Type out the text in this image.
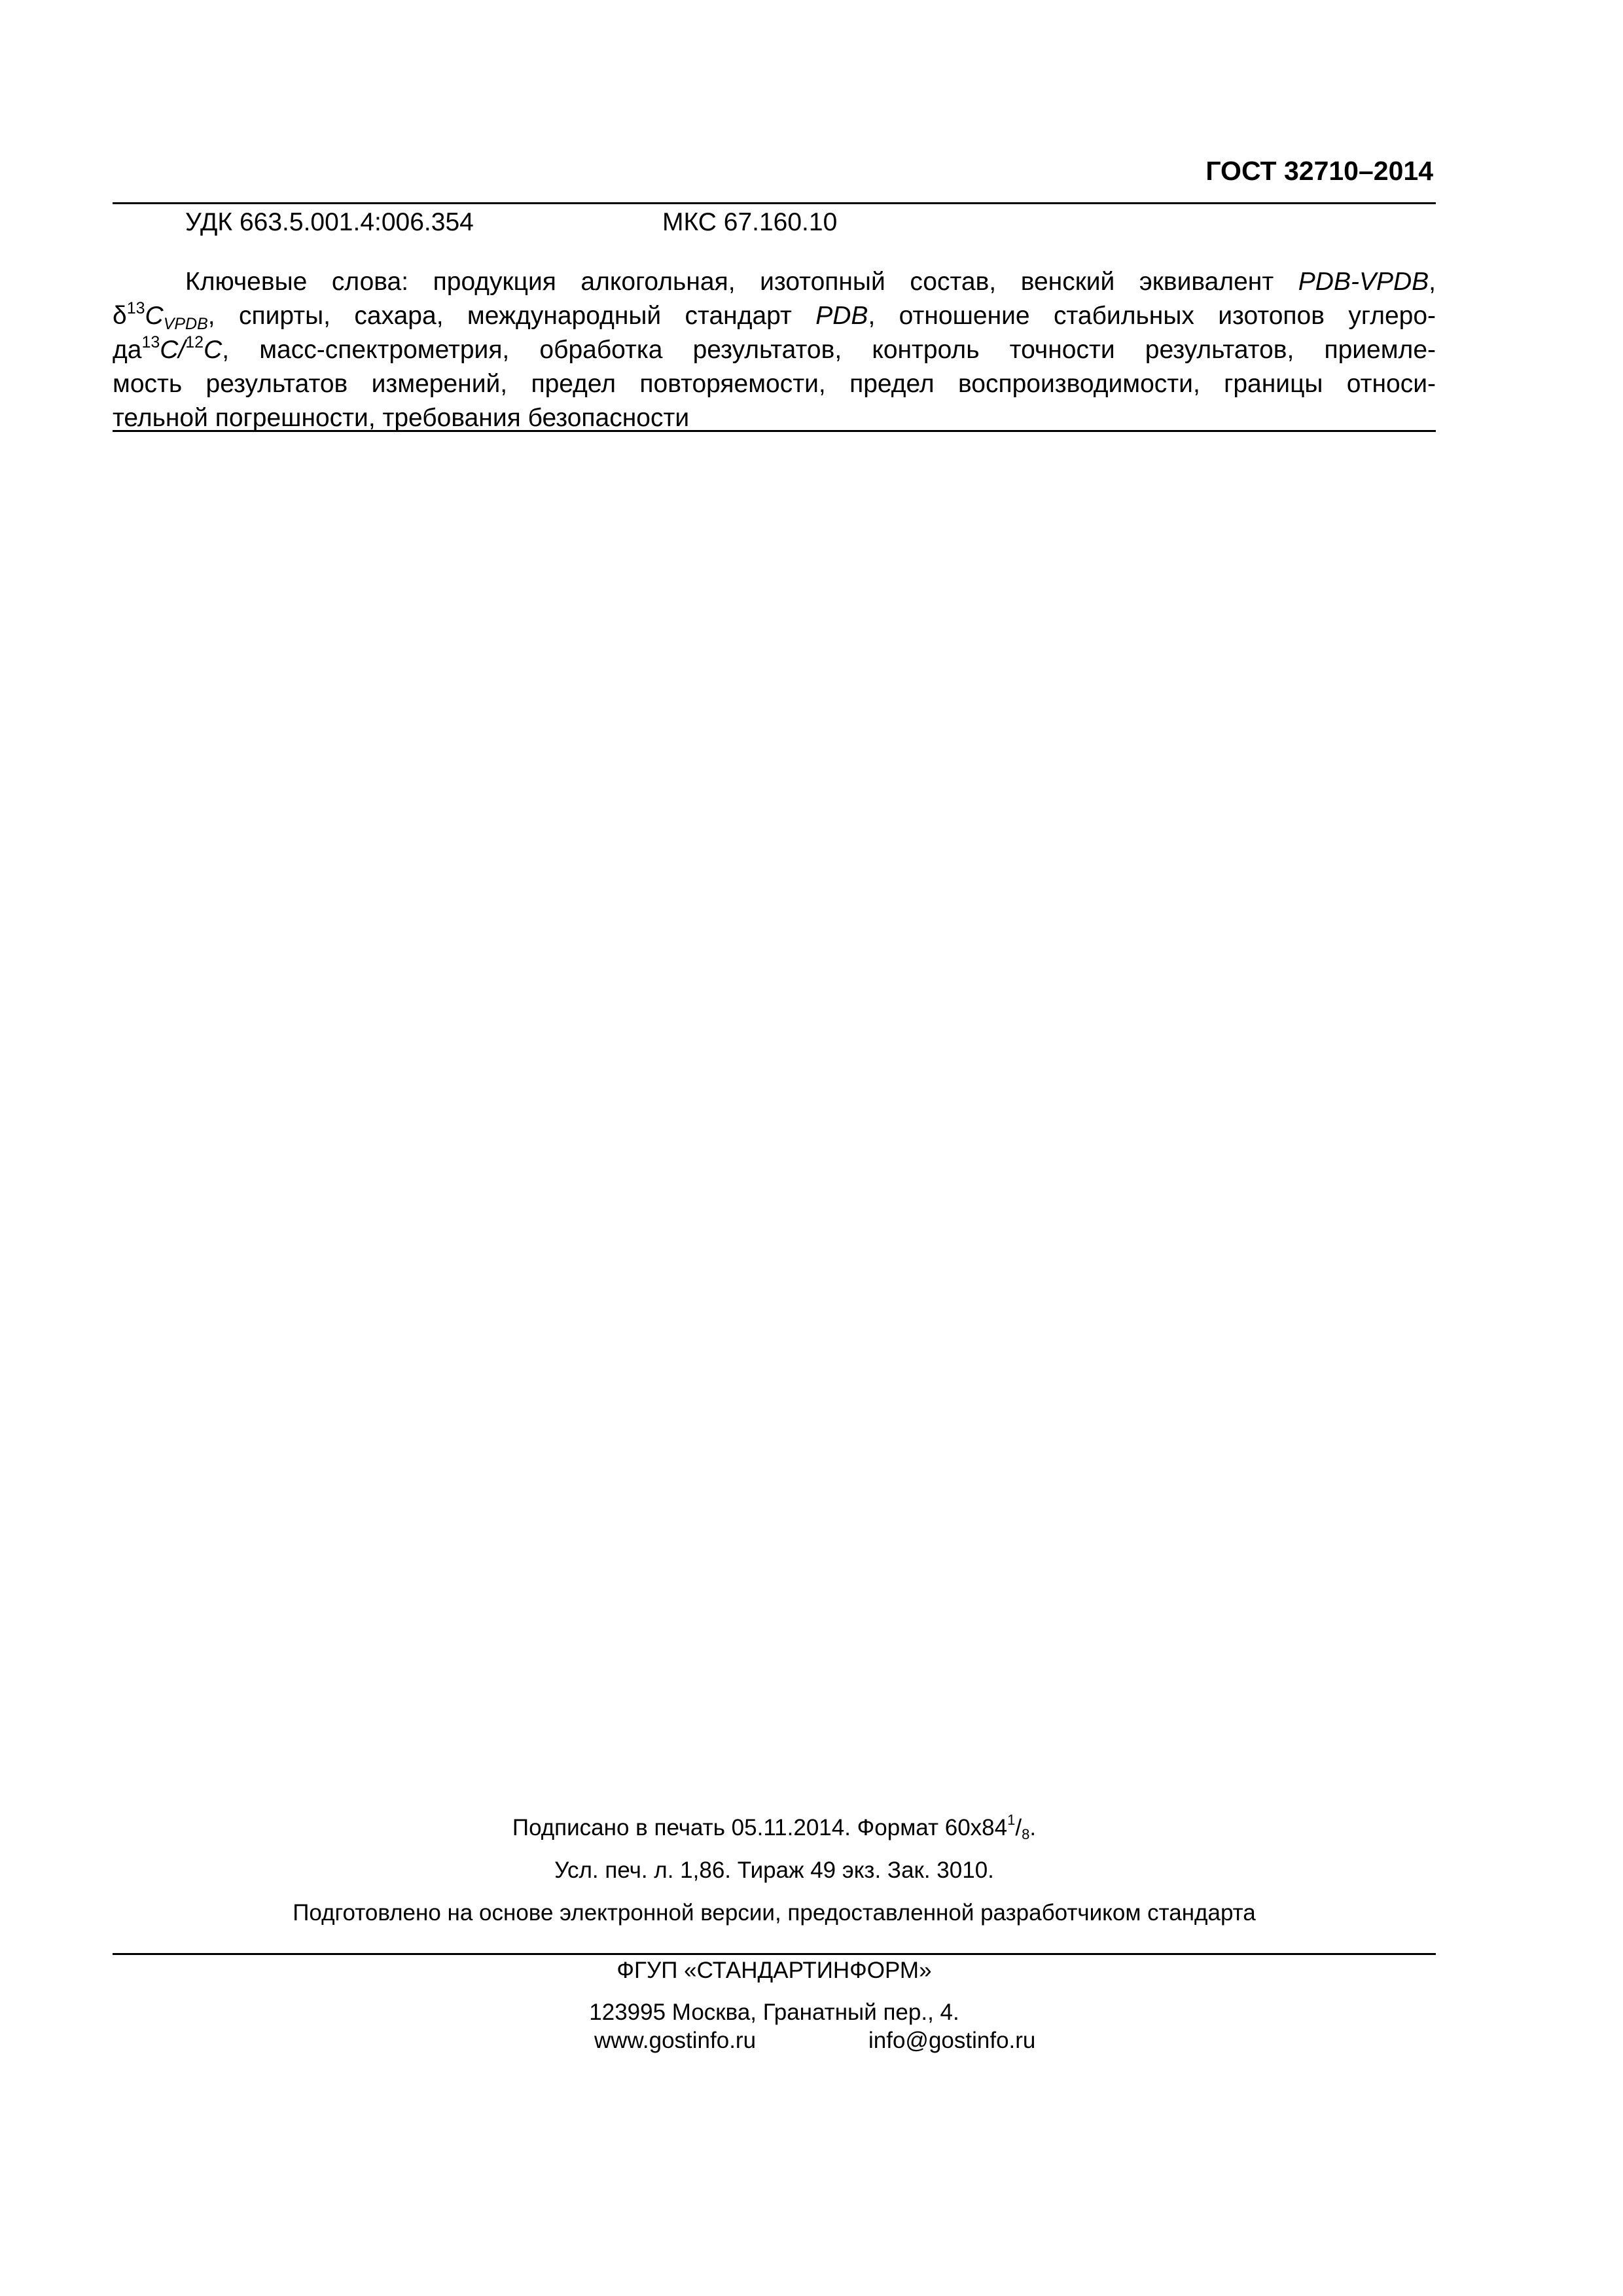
ГОСТ 32710–2014
УДК 663.5.001.4:006.354	МКС 67.160.10
Ключевые слова: продукция алкогольная, изотопный состав, венский эквивалент PDB-VPDB,
$\delta^{13}C_{VPDB}$, спирты, сахара, международный стандарт PDB, отношение стабильных изотопов углеро-
$да^{13}C/^{12}C$, масс-спектрометрия, обработка результатов, контроль точности результатов, приемле-
мость результатов измерений, предел повторяемости, предел воспроизводимости, границы относи-
тельной погрешности, требования безопасности
Подписано в печать 05.11.2014. Формат $60x84^1/_8$.
Усл. печ. л. 1,86. Тираж 49 экз. Зак. 3010.
Подготовлено на основе электронной версии, предоставленной разработчиком стандарта
ФГУП «СТАНДАРТИНФОРМ»
123995 Москва, Гранатный пер., 4.
www.gostinfo.ru	info@gostinfo.ru
